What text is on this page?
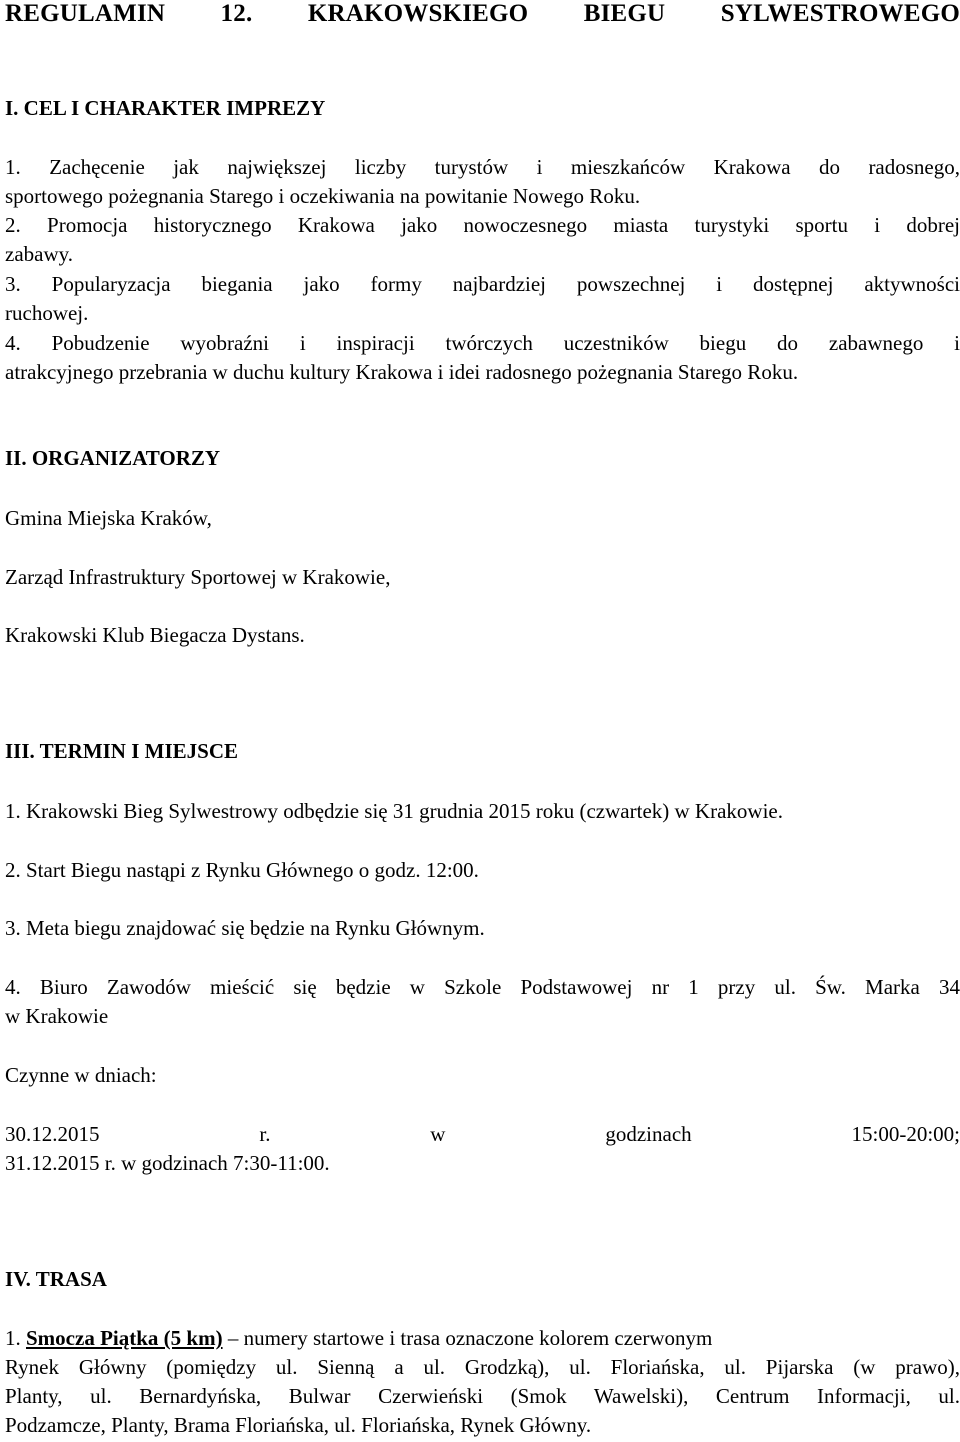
REGULAMIN 12. KRAKOWSKIEGO BIEGU SYLWESTROWEGO
I. CEL I CHARAKTER IMPREZY
1. Zachęcenie jak największej liczby turystów i mieszkańców Krakowa do radosnego,
sportowego pożegnania Starego i oczekiwania na powitanie Nowego Roku.
2. Promocja historycznego Krakowa jako nowoczesnego miasta turystyki sportu i dobrej
zabawy.
3. Popularyzacja biegania jako formy najbardziej powszechnej i dostępnej aktywności
ruchowej.
4. Pobudzenie wyobraźni i inspiracji twórczych uczestników biegu do zabawnego i
atrakcyjnego przebrania w duchu kultury Krakowa i idei radosnego pożegnania Starego Roku.
II. ORGANIZATORZY
Gmina Miejska Kraków,
Zarząd Infrastruktury Sportowej w Krakowie,
Krakowski Klub Biegacza Dystans.
III. TERMIN I MIEJSCE
1. Krakowski Bieg Sylwestrowy odbędzie się 31 grudnia 2015 roku (czwartek) w Krakowie.
2. Start Biegu nastąpi z Rynku Głównego o godz. 12:00.
3. Meta biegu znajdować się będzie na Rynku Głównym.
4. Biuro Zawodów mieścić się będzie w Szkole Podstawowej nr 1 przy ul. Św. Marka 34
w Krakowie
Czynne w dniach:
30.12.2015 r. w godzinach 15:00-20:00;
31.12.2015 r. w godzinach 7:30-11:00.
IV. TRASA
1. Smocza Piątka (5 km) – numery startowe i trasa oznaczone kolorem czerwonym
Rynek Główny (pomiędzy ul. Sienną a ul. Grodzką), ul. Floriańska, ul. Pijarska (w prawo),
Planty, ul. Bernardyńska, Bulwar Czerwieński (Smok Wawelski), Centrum Informacji, ul.
Podzamcze, Planty, Brama Floriańska, ul. Floriańska, Rynek Główny.
